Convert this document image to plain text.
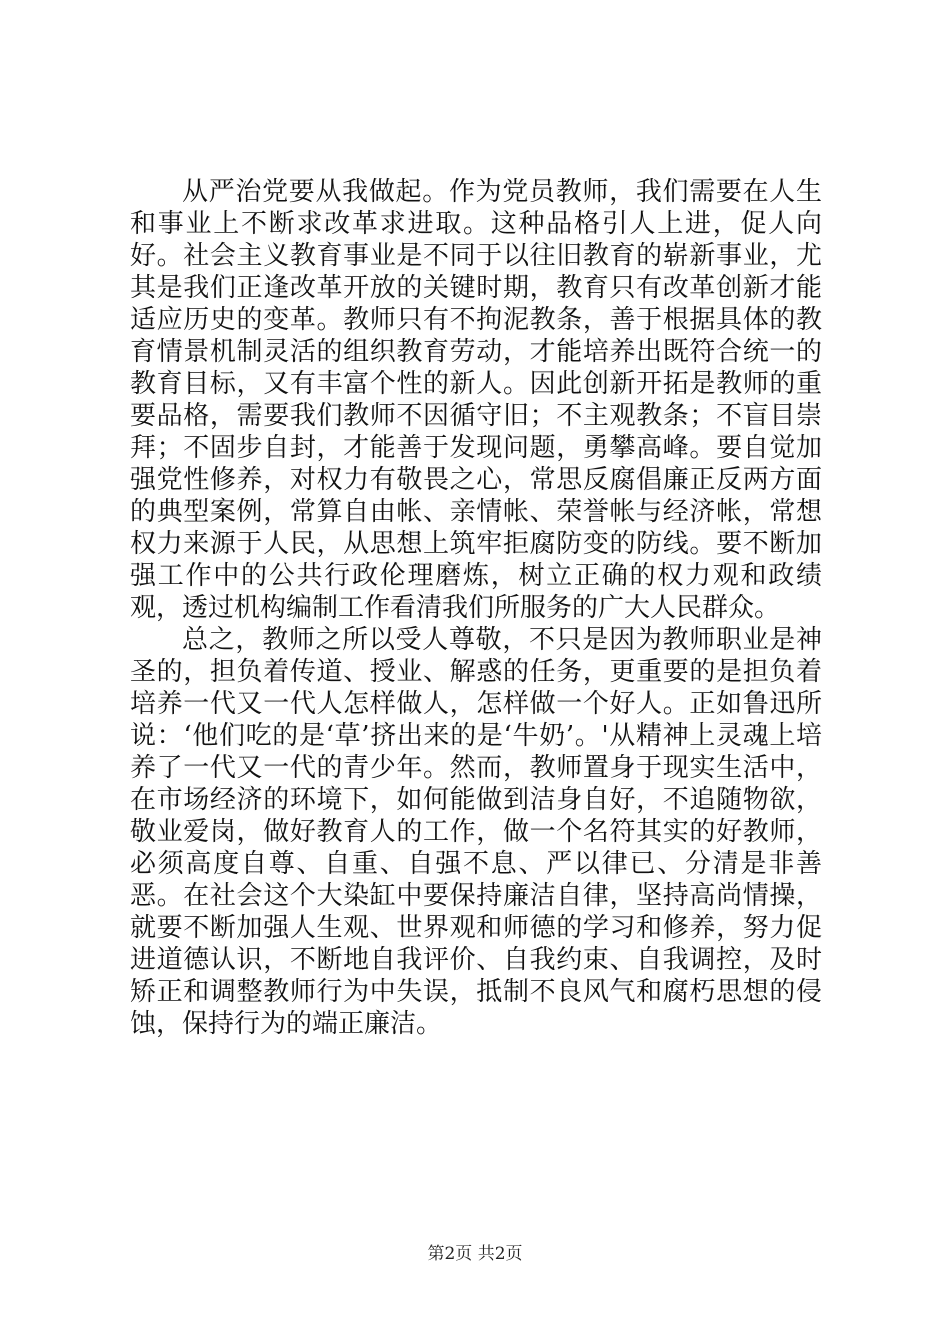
从严治党要从我做起。作为党员教师，我们需要在人生和事业上不断求改革求进取。这种品格引人上进，促人向好。社会主义教育事业是不同于以往旧教育的崭新事业，尤其是我们正逢改革开放的关键时期，教育只有改革创新才能适应历史的变革。教师只有不拘泥教条，善于根据具体的教育情景机制灵活的组织教育劳动，才能培养出既符合统一的教育目标，又有丰富个性的新人。因此创新开拓是教师的重要品格，需要我们教师不因循守旧；不主观教条；不盲目崇拜；不固步自封，才能善于发现问题，勇攀高峰。要自觉加强党性修养，对权力有敬畏之心，常思反腐倡廉正反两方面的典型案例，常算自由帐、亲情帐、荣誉帐与经济帐，常想权力来源于人民，从思想上筑牢拒腐防变的防线。要不断加强工作中的公共行政伦理磨炼，树立正确的权力观和政绩观，透过机构编制工作看清我们所服务的广大人民群众。

总之，教师之所以受人尊敬，不只是因为教师职业是神圣的，担负着传道、授业、解惑的任务，更重要的是担负着培养一代又一代人怎样做人，怎样做一个好人。正如鲁迅所说：‘他们吃的是‘草’挤出来的是‘牛奶’。'从精神上灵魂上培养了一代又一代的青少年。然而，教师置身于现实生活中，在市场经济的环境下，如何能做到洁身自好，不追随物欲，敬业爱岗，做好教育人的工作，做一个名符其实的好教师，必须高度自尊、自重、自强不息、严以律已、分清是非善恶。在社会这个大染缸中要保持廉洁自律，坚持高尚情操，就要不断加强人生观、世界观和师德的学习和修养，努力促进道德认识，不断地自我评价、自我约束、自我调控，及时矫正和调整教师行为中失误，抵制不良风气和腐朽思想的侵蚀，保持行为的端正廉洁。

第2页 共2页
